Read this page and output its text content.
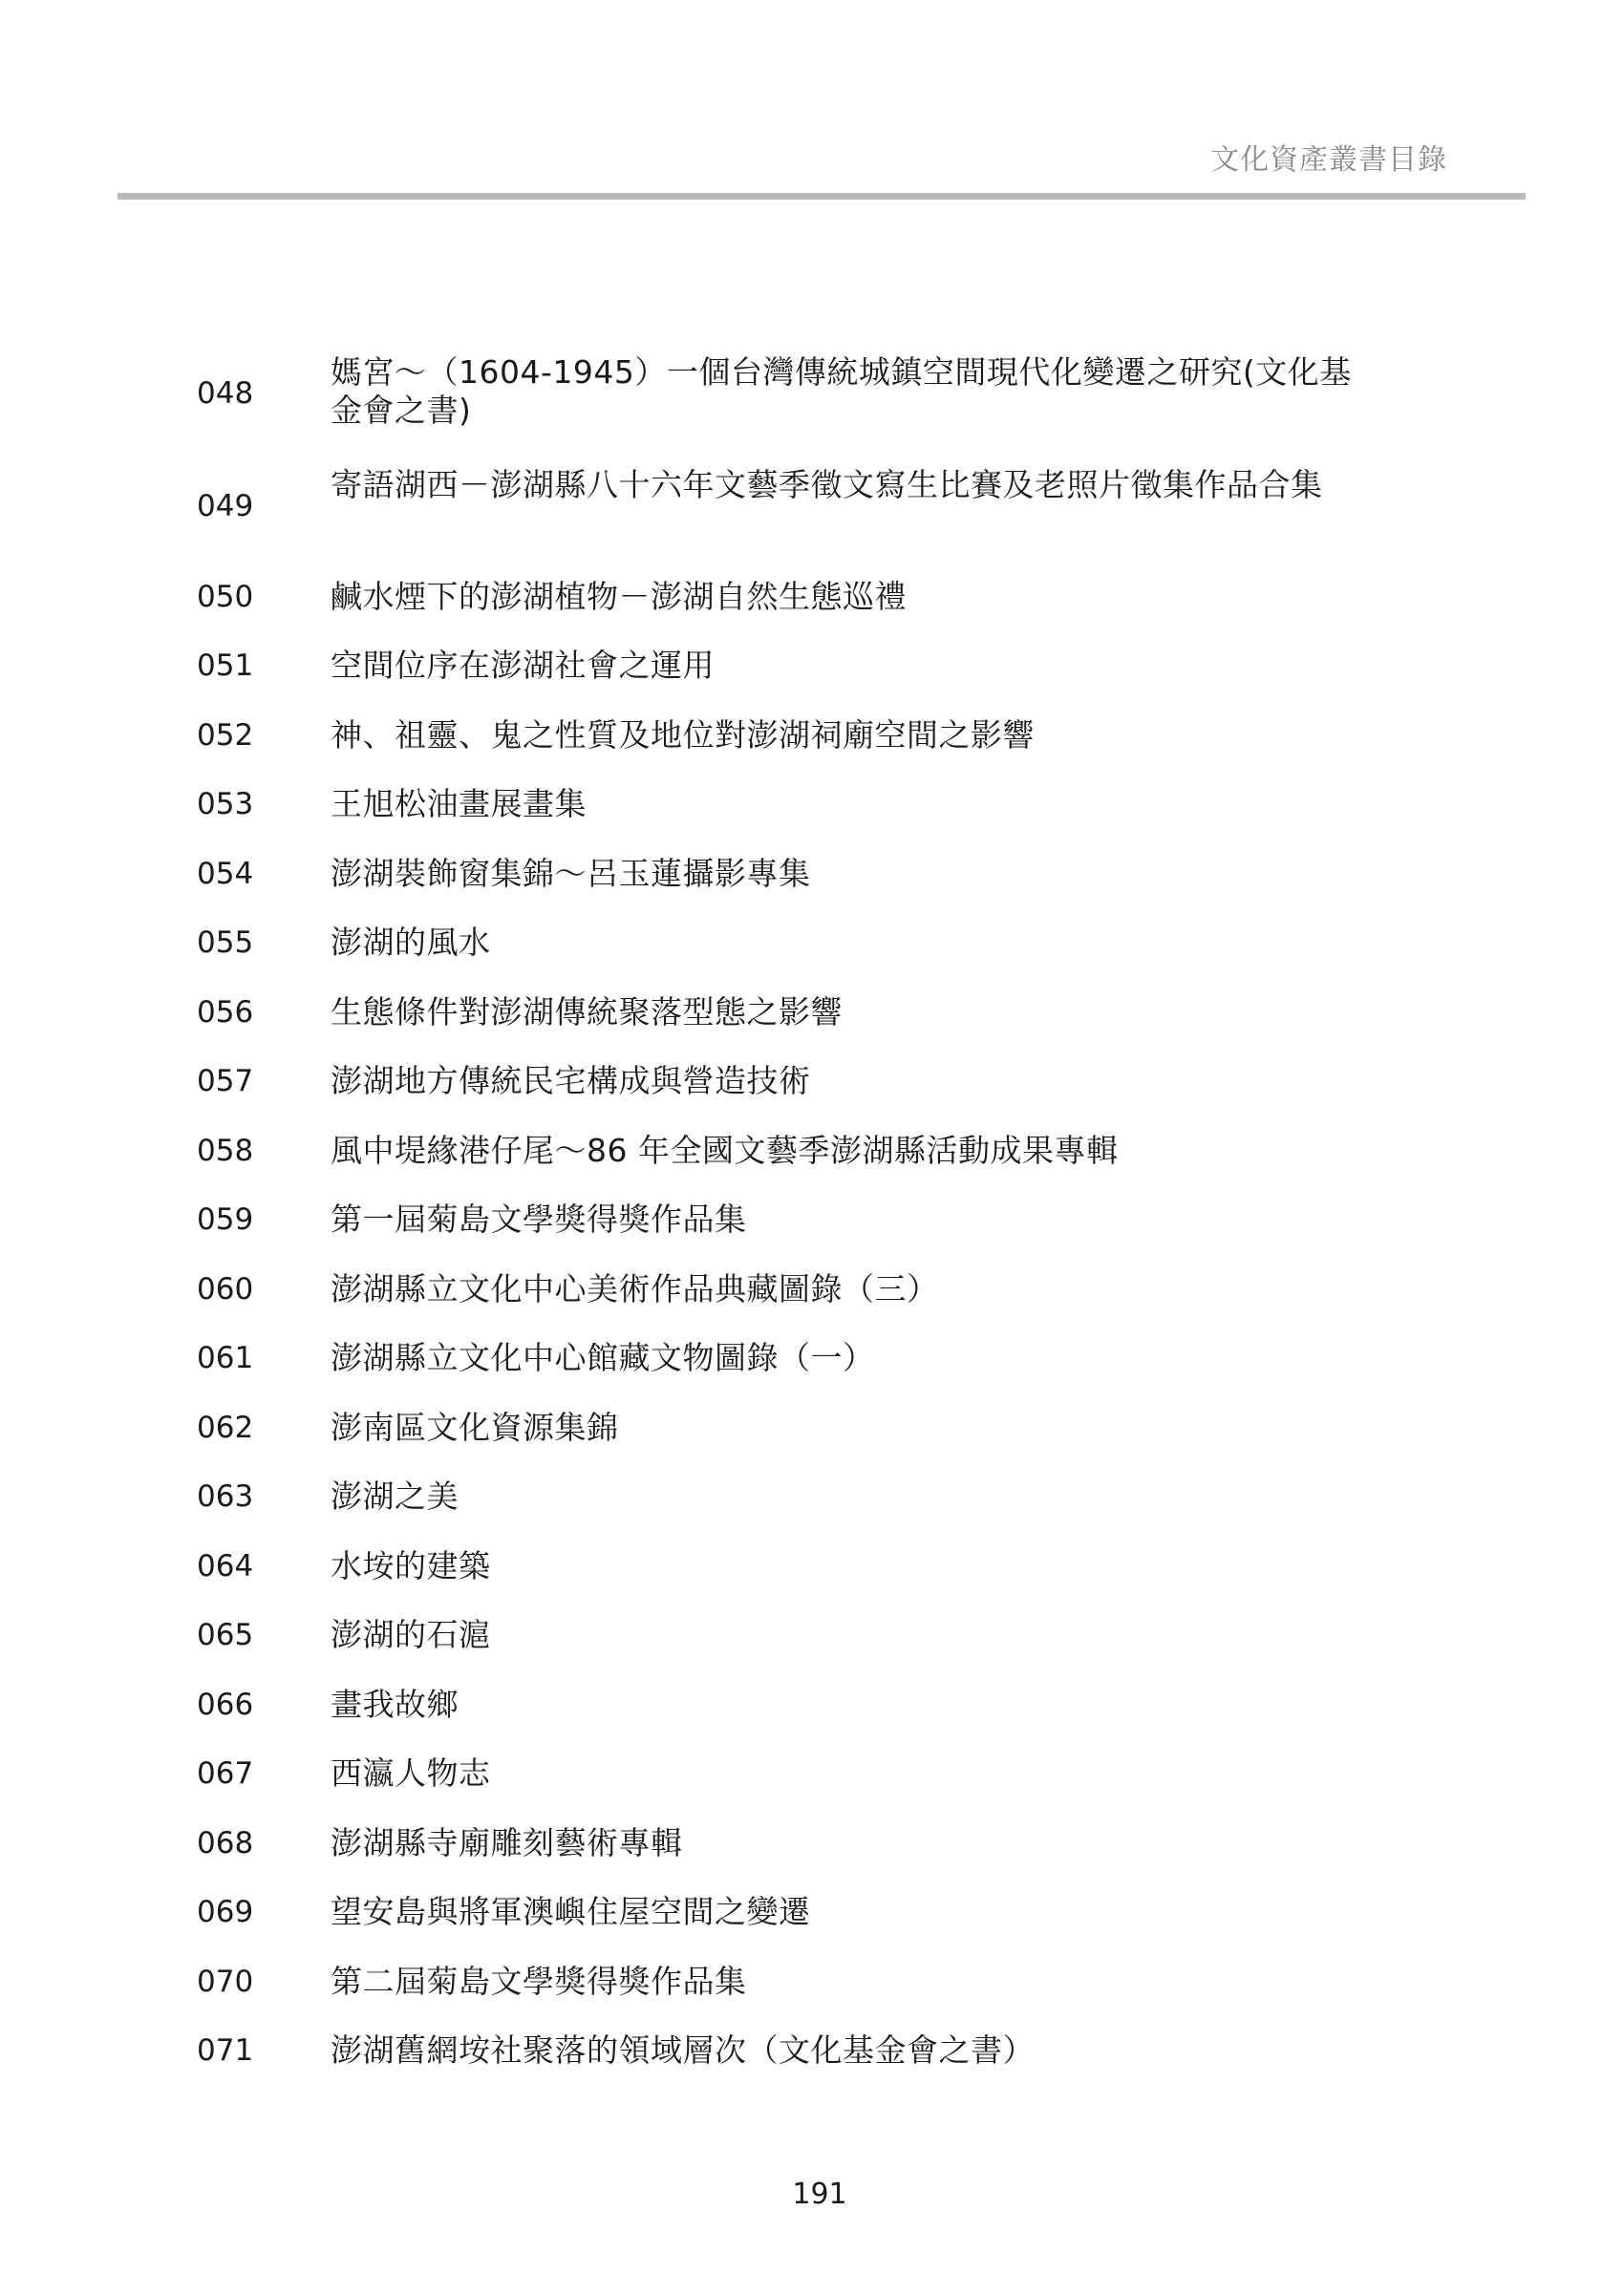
文化資產叢書目錄
048
媽宮～（1604-1945）一個台灣傳統城鎮空間現代化變遷之研究(文化基金會之書)
049
寄語湖西－澎湖縣八十六年文藝季徵文寫生比賽及老照片徵集作品合集
050 鹹水煙下的澎湖植物－澎湖自然生態巡禮
051 空間位序在澎湖社會之運用
052 神、祖靈、鬼之性質及地位對澎湖祠廟空間之影響
053 王旭松油畫展畫集
054 澎湖裝飾窗集錦～呂玉蓮攝影專集
055 澎湖的風水
056 生態條件對澎湖傳統聚落型態之影響
057 澎湖地方傳統民宅構成與營造技術
058 風中堤緣港仔尾～86 年全國文藝季澎湖縣活動成果專輯
059 第一屆菊島文學獎得獎作品集
060 澎湖縣立文化中心美術作品典藏圖錄（三）
061 澎湖縣立文化中心館藏文物圖錄（一）
062 澎南區文化資源集錦
063 澎湖之美
064 水垵的建築
065 澎湖的石滬
066 畫我故鄉
067 西瀛人物志
068 澎湖縣寺廟雕刻藝術專輯
069 望安島與將軍澳嶼住屋空間之變遷
070 第二屆菊島文學獎得獎作品集
071 澎湖舊網垵社聚落的領域層次（文化基金會之書）
191
